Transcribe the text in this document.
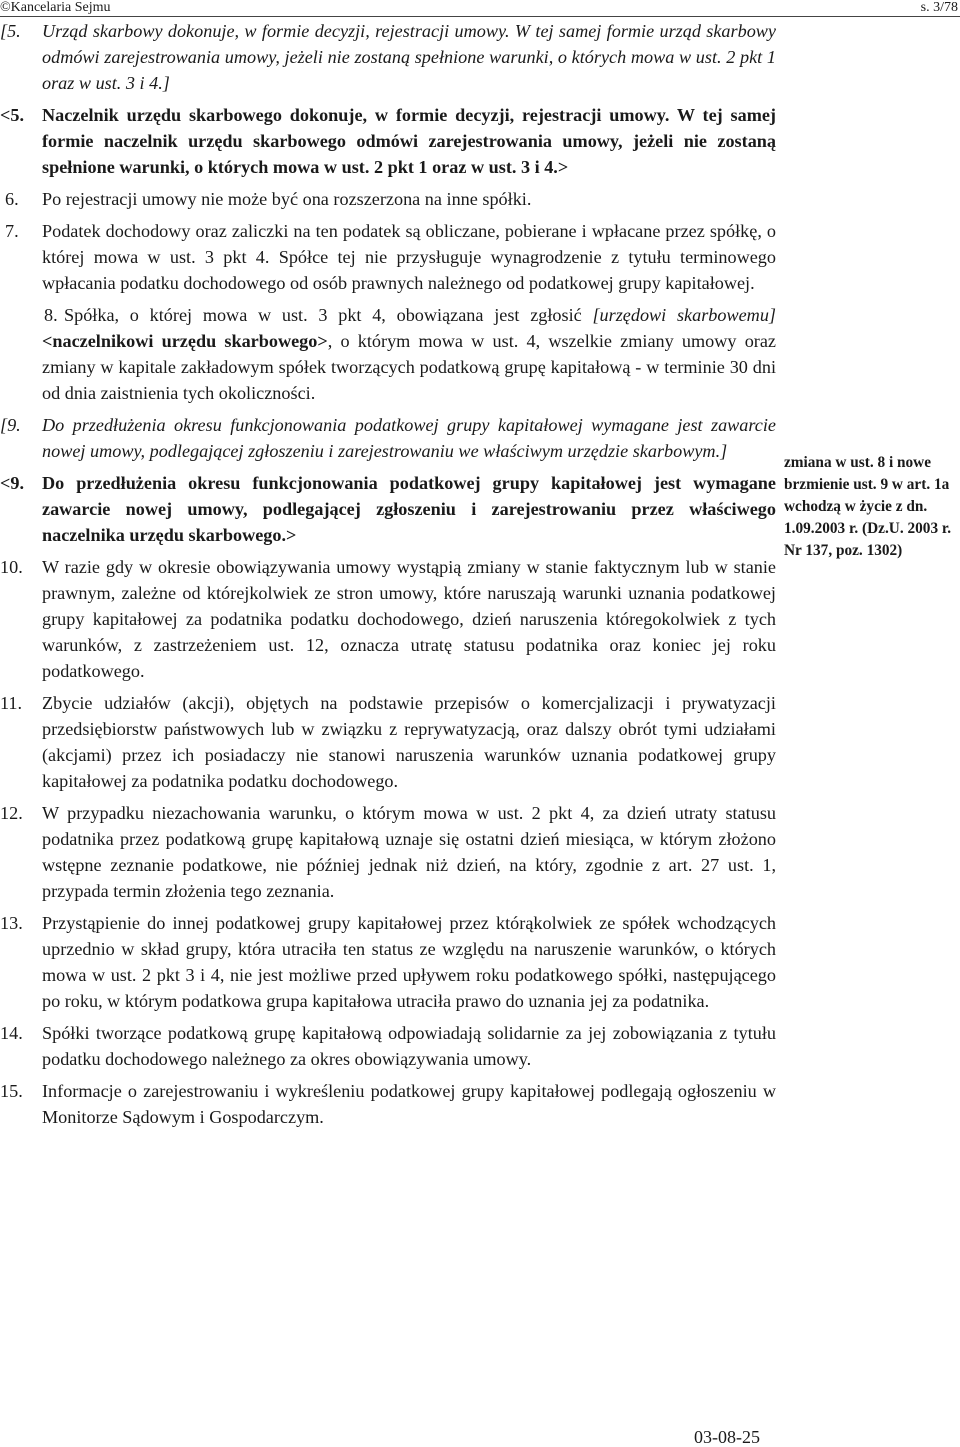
©Kancelaria Sejmu	s. 3/78

[5. Urząd skarbowy dokonuje, w formie decyzji, rejestracji umowy. W tej samej formie urząd skarbowy odmówi zarejestrowania umowy, jeżeli nie zostaną spełnione warunki, o których mowa w ust. 2 pkt 1 oraz w ust. 3 i 4.]

<5. Naczelnik urzędu skarbowego dokonuje, w formie decyzji, rejestracji umowy. W tej samej formie naczelnik urzędu skarbowego odmówi zarejestrowania umowy, jeżeli nie zostaną spełnione warunki, o których mowa w ust. 2 pkt 1 oraz w ust. 3 i 4.>

6. Po rejestracji umowy nie może być ona rozszerzona na inne spółki.

7. Podatek dochodowy oraz zaliczki na ten podatek są obliczane, pobierane i wpłacane przez spółkę, o której mowa w ust. 3 pkt 4. Spółce tej nie przysługuje wynagrodzenie z tytułu terminowego wpłacania podatku dochodowego od osób prawnych należnego od podatkowej grupy kapitałowej.

8. Spółka, o której mowa w ust. 3 pkt 4, obowiązana jest zgłosić [urzędowi skarbowemu] <naczelnikowi urzędu skarbowego>, o którym mowa w ust. 4, wszelkie zmiany umowy oraz zmiany w kapitale zakładowym spółek tworzących podatkową grupę kapitałową - w terminie 30 dni od dnia zaistnienia tych okoliczności.

[9. Do przedłużenia okresu funkcjonowania podatkowej grupy kapitałowej wymagane jest zawarcie nowej umowy, podlegającej zgłoszeniu i zarejestrowaniu we właściwym urzędzie skarbowym.]

<9. Do przedłużenia okresu funkcjonowania podatkowej grupy kapitałowej jest wymagane zawarcie nowej umowy, podlegającej zgłoszeniu i zarejestrowaniu przez właściwego naczelnika urzędu skarbowego.>

10. W razie gdy w okresie obowiązywania umowy wystąpią zmiany w stanie faktycznym lub w stanie prawnym, zależne od którejkolwiek ze stron umowy, które naruszają warunki uznania podatkowej grupy kapitałowej za podatnika podatku dochodowego, dzień naruszenia któregokolwiek z tych warunków, z zastrzeżeniem ust. 12, oznacza utratę statusu podatnika oraz koniec jej roku podatkowego.

11. Zbycie udziałów (akcji), objętych na podstawie przepisów o komercjalizacji i prywatyzacji przedsiębiorstw państwowych lub w związku z reprywatyzacją, oraz dalszy obrót tymi udziałami (akcjami) przez ich posiadaczy nie stanowi naruszenia warunków uznania podatkowej grupy kapitałowej za podatnika podatku dochodowego.

12. W przypadku niezachowania warunku, o którym mowa w ust. 2 pkt 4, za dzień utraty statusu podatnika przez podatkową grupę kapitałową uznaje się ostatni dzień miesiąca, w którym złożono wstępne zeznanie podatkowe, nie później jednak niż dzień, na który, zgodnie z art. 27 ust. 1, przypada termin złożenia tego zeznania.

13. Przystąpienie do innej podatkowej grupy kapitałowej przez którąkolwiek ze spółek wchodzących uprzednio w skład grupy, która utraciła ten status ze względu na naruszenie warunków, o których mowa w ust. 2 pkt 3 i 4, nie jest możliwe przed upływem roku podatkowego spółki, następującego po roku, w którym podatkowa grupa kapitałowa utraciła prawo do uznania jej za podatnika.

14. Spółki tworzące podatkową grupę kapitałową odpowiadają solidarnie za jej zobowiązania z tytułu podatku dochodowego należnego za okres obowiązywania umowy.

15. Informacje o zarejestrowaniu i wykreśleniu podatkowej grupy kapitałowej podlegają ogłoszeniu w Monitorze Sądowym i Gospodarczym.

zmiana w ust. 8 i nowe brzmienie ust. 9 w art. 1a wchodzą w życie z dn. 1.09.2003 r. (Dz.U. 2003 r. Nr 137, poz. 1302)
03-08-25
